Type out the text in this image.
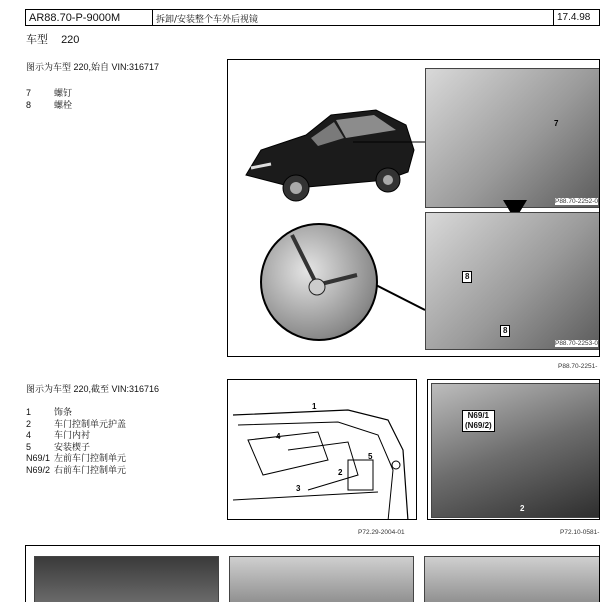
AR88.70-P-9000M	拆卸/安装整个车外后视镜	17.4.98
车型 220
图示为车型 220,始自 VIN:316717
7	螺钉
8	螺栓
7
P88.70-2252-0
8
8
P88.70-2253-0
P88.70-2251-
图示为车型 220,截至 VIN:316716
1	饰条
2	车门控制单元护盖
4	车门内衬
5	安装楔子
N69/1 左前车门控制单元
N69/2 右前车门控制单元
1
2
3
4
5
P72.29-2004-01
N69/1
(N69/2)
2
P72.10-0581-
